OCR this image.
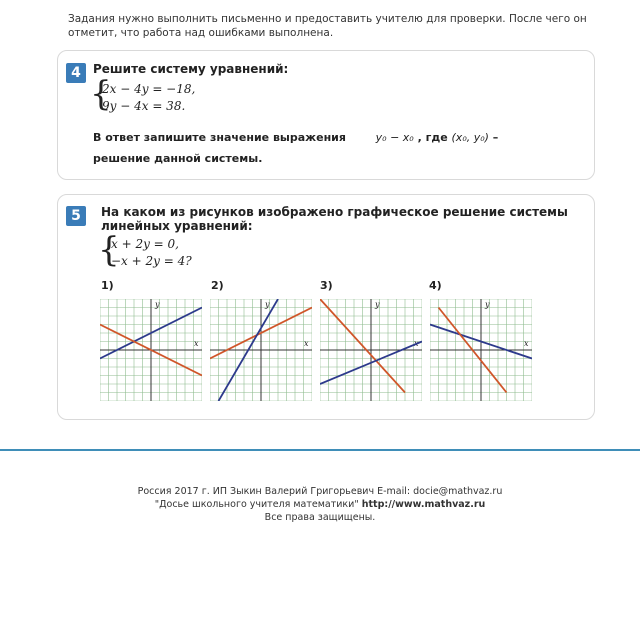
Задания нужно выполнить письменно и предоставить учителю для проверки. После чего он отметит, что работа над ошибками выполнена.
4	Решите систему уравнений:
{
2x − 4y = −18,
9y − 4x = 38.
В ответ запишите значение выражения	y₀ − x₀ , где (x₀, y₀) –
решение данной системы.
5	На каком из рисунков изображено графическое решение системы
линейных уравнений:
{
x + 2y = 0,
−x + 2y = 4?
1)	2)	3)	4)
x
y
x
y	y
x
y
Россия 2017 г. ИП Зыкин Валерий Григорьевич E-mail: docie@mathvaz.ru
"Досье школьного учителя математики" http://www.mathvaz.ru
Все права защищены.
